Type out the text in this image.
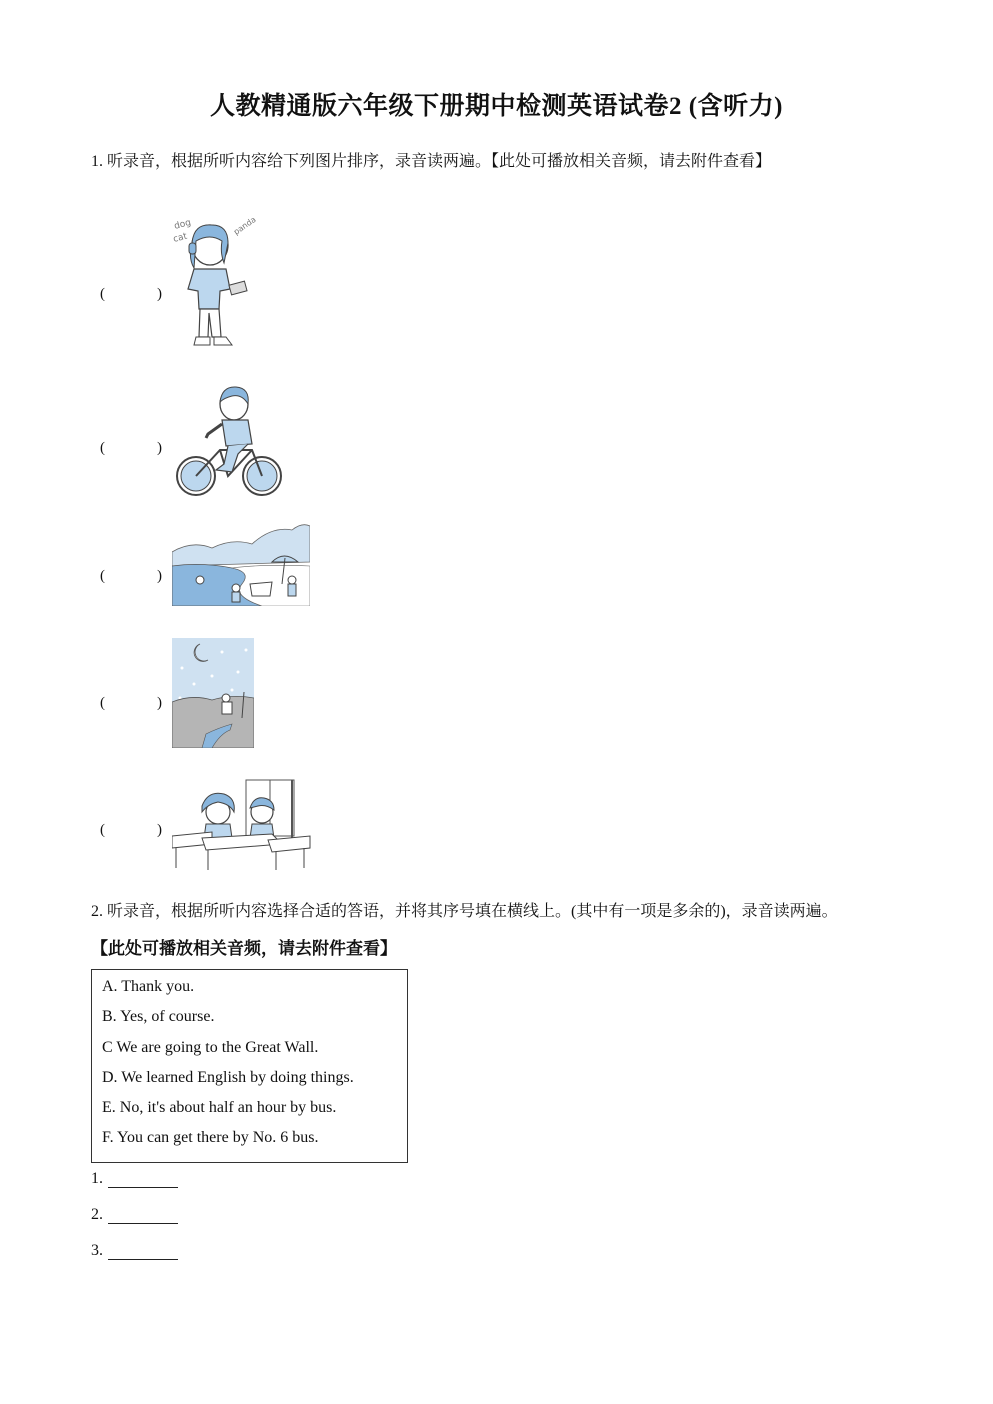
人教精通版六年级下册期中检测英语试卷2 (含听力)
1. 听录音，根据所听内容给下列图片排序，录音读两遍。【此处可播放相关音频，请去附件查看】
(	)
dog
cat
panda
(	)
(	)
(	)
(	)
2. 听录音，根据所听内容选择合适的答语，并将其序号填在横线上。(其中有一项是多余的)，录音读两遍。
【此处可播放相关音频，请去附件查看】
A. Thank you.
B. Yes, of course.
C We are going to the Great Wall.
D. We learned English by doing things.
E. No, it's about half an hour by bus.
F. You can get there by No. 6 bus.
1.
2.
3.
